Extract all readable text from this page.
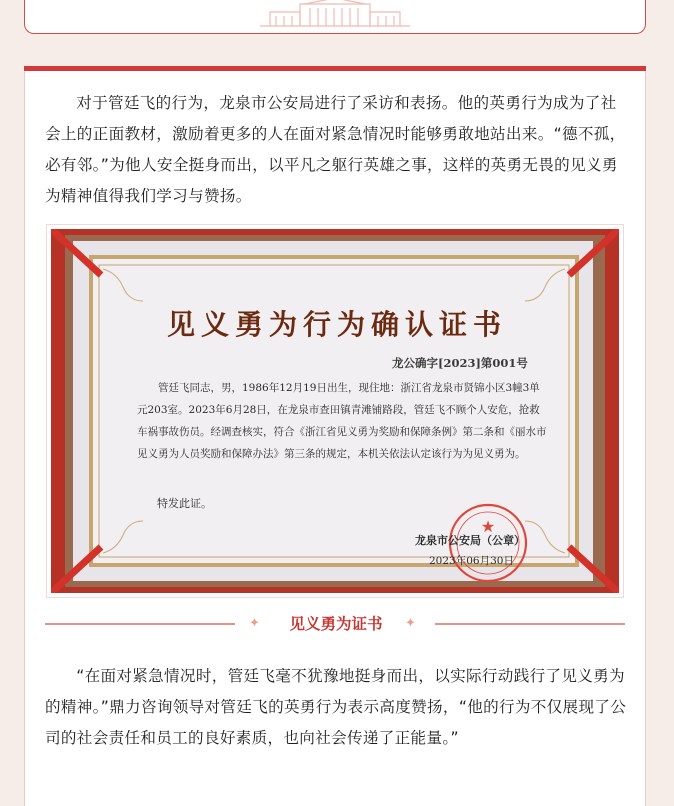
对于管廷飞的行为，龙泉市公安局进行了采访和表扬。他的英勇行为成为了社会上的正面教材，激励着更多的人在面对紧急情况时能够勇敢地站出来。“德不孤，必有邻。”为他人安全挺身而出，以平凡之躯行英雄之事，这样的英勇无畏的见义勇为精神值得我们学习与赞扬。

★

见义勇为行为确认证书

龙公确字[2023]第001号

管廷飞同志，男，1986年12月19日出生，现住地：浙江省龙泉市贤锦小区3幢3单元203室。2023年6月28日，在龙泉市查田镇青滩铺路段，管廷飞不顾个人安危，抢救车祸事故伤员。经调查核实，符合《浙江省见义勇为奖励和保障条例》第二条和《丽水市见义勇为人员奖励和保障办法》第三条的规定，本机关依法认定该行为为见义勇为。

特发此证。

龙泉市公安局（公章）

2023年06月30日

✦	见义勇为证书	✦

“在面对紧急情况时，管廷飞毫不犹豫地挺身而出，以实际行动践行了见义勇为的精神。”鼎力咨询领导对管廷飞的英勇行为表示高度赞扬，“他的行为不仅展现了公司的社会责任和员工的良好素质，也向社会传递了正能量。”
